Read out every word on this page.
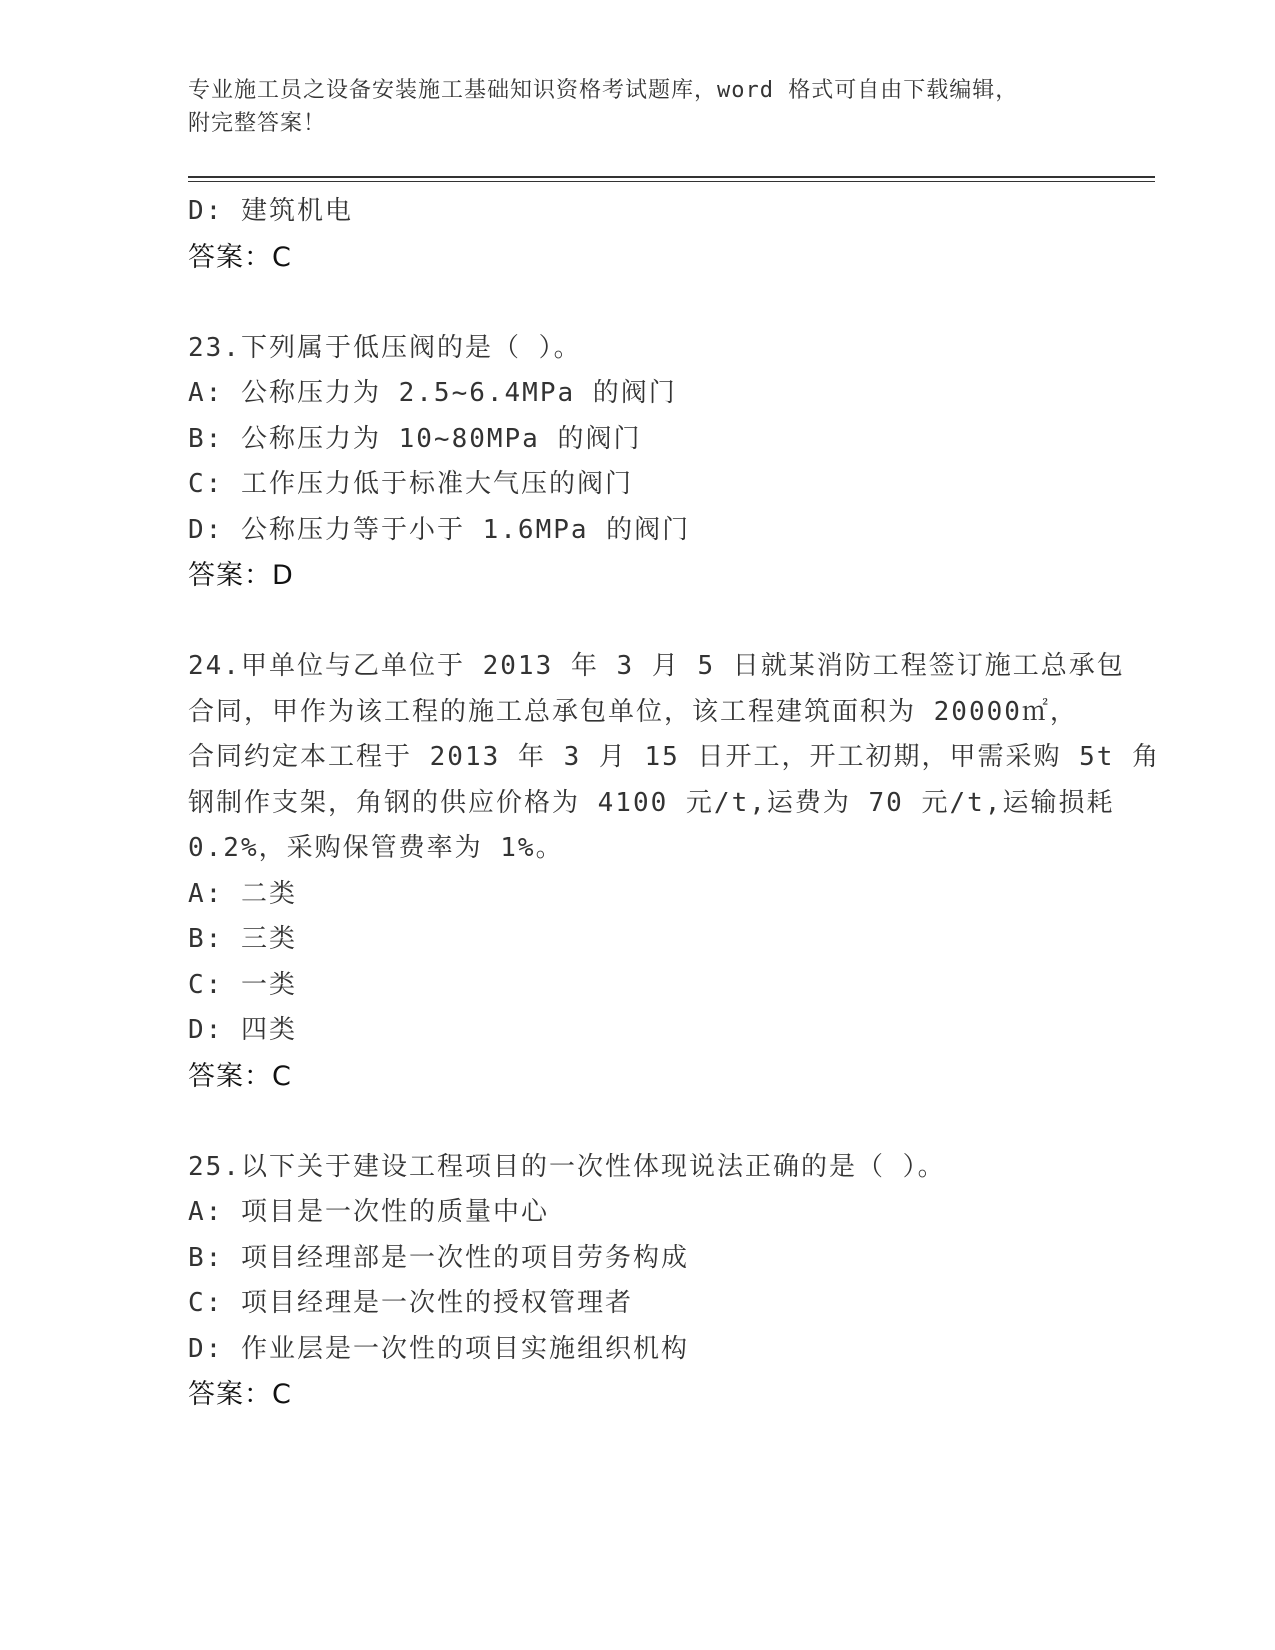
专业施工员之设备安装施工基础知识资格考试题库，word 格式可自由下载编辑，
附完整答案！
D: 建筑机电
答案：C
23.下列属于低压阀的是（ ）。
A: 公称压力为 2.5~6.4MPa 的阀门
B: 公称压力为 10~80MPa 的阀门
C: 工作压力低于标准大气压的阀门
D: 公称压力等于小于 1.6MPa 的阀门
答案：D
24.甲单位与乙单位于 2013 年 3 月 5 日就某消防工程签订施工总承包
合同，甲作为该工程的施工总承包单位，该工程建筑面积为 20000㎡，
合同约定本工程于 2013 年 3 月 15 日开工，开工初期，甲需采购 5t 角
钢制作支架，角钢的供应价格为 4100 元/t,运费为 70 元/t,运输损耗
0.2%，采购保管费率为 1%。
A: 二类
B: 三类
C: 一类
D: 四类
答案：C
25.以下关于建设工程项目的一次性体现说法正确的是（ ）。
A: 项目是一次性的质量中心
B: 项目经理部是一次性的项目劳务构成
C: 项目经理是一次性的授权管理者
D: 作业层是一次性的项目实施组织机构
答案：C
